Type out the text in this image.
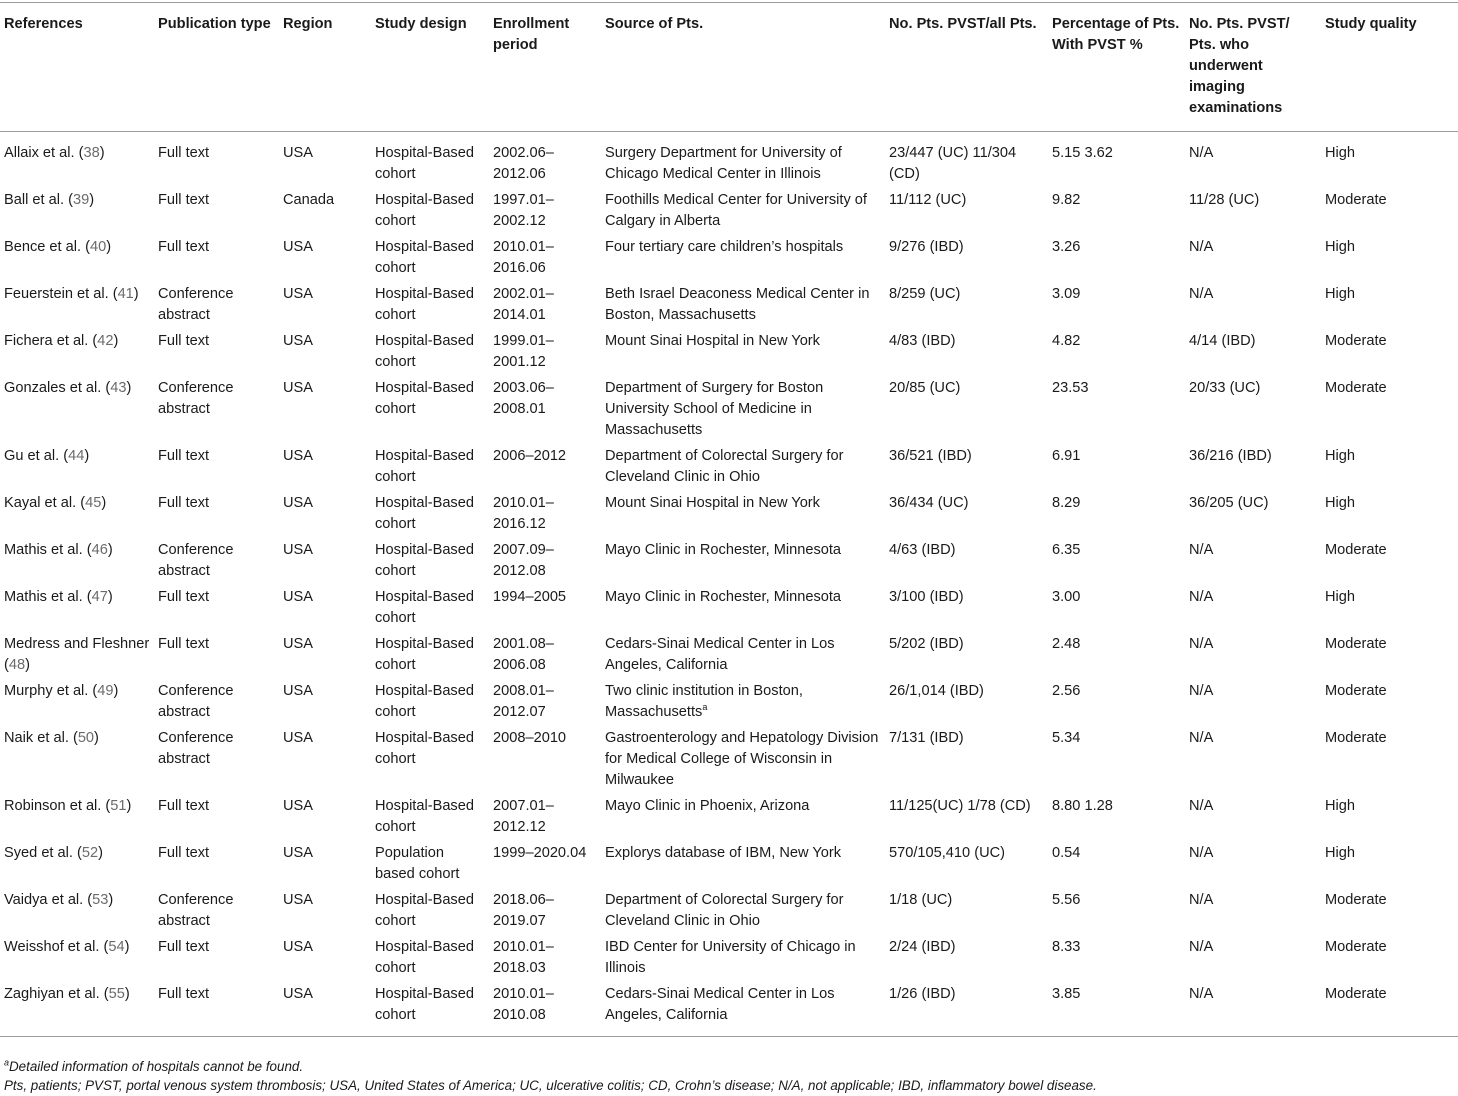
References	Publication type	Region	Study design	Enrollment period	Source of Pts.	No. Pts. PVST/all Pts.	Percentage of Pts. With PVST %	No. Pts. PVST/ Pts. who underwent imaging examinations	Study quality
Allaix et al. (38)	Full text	USA	Hospital-Based cohort	2002.06–2012.06	Surgery Department for University of Chicago Medical Center in Illinois	23/447 (UC) 11/304 (CD)	5.15 3.62	N/A	High
Ball et al. (39)	Full text	Canada	Hospital-Based cohort	1997.01–2002.12	Foothills Medical Center for University of Calgary in Alberta	11/112 (UC)	9.82	11/28 (UC)	Moderate
Bence et al. (40)	Full text	USA	Hospital-Based cohort	2010.01–2016.06	Four tertiary care children’s hospitals	9/276 (IBD)	3.26	N/A	High
Feuerstein et al. (41)	Conference abstract	USA	Hospital-Based cohort	2002.01–2014.01	Beth Israel Deaconess Medical Center in Boston, Massachusetts	8/259 (UC)	3.09	N/A	High
Fichera et al. (42)	Full text	USA	Hospital-Based cohort	1999.01–2001.12	Mount Sinai Hospital in New York	4/83 (IBD)	4.82	4/14 (IBD)	Moderate
Gonzales et al. (43)	Conference abstract	USA	Hospital-Based cohort	2003.06–2008.01	Department of Surgery for Boston University School of Medicine in Massachusetts	20/85 (UC)	23.53	20/33 (UC)	Moderate
Gu et al. (44)	Full text	USA	Hospital-Based cohort	2006–2012	Department of Colorectal Surgery for Cleveland Clinic in Ohio	36/521 (IBD)	6.91	36/216 (IBD)	High
Kayal et al. (45)	Full text	USA	Hospital-Based cohort	2010.01–2016.12	Mount Sinai Hospital in New York	36/434 (UC)	8.29	36/205 (UC)	High
Mathis et al. (46)	Conference abstract	USA	Hospital-Based cohort	2007.09–2012.08	Mayo Clinic in Rochester, Minnesota	4/63 (IBD)	6.35	N/A	Moderate
Mathis et al. (47)	Full text	USA	Hospital-Based cohort	1994–2005	Mayo Clinic in Rochester, Minnesota	3/100 (IBD)	3.00	N/A	High
Medress and Fleshner (48)	Full text	USA	Hospital-Based cohort	2001.08–2006.08	Cedars-Sinai Medical Center in Los Angeles, California	5/202 (IBD)	2.48	N/A	Moderate
Murphy et al. (49)	Conference abstract	USA	Hospital-Based cohort	2008.01–2012.07	Two clinic institution in Boston, Massachusetts$^a$	26/1,014 (IBD)	2.56	N/A	Moderate
Naik et al. (50)	Conference abstract	USA	Hospital-Based cohort	2008–2010	Gastroenterology and Hepatology Division for Medical College of Wisconsin in Milwaukee	7/131 (IBD)	5.34	N/A	Moderate
Robinson et al. (51)	Full text	USA	Hospital-Based cohort	2007.01–2012.12	Mayo Clinic in Phoenix, Arizona	11/125(UC) 1/78 (CD)	8.80 1.28	N/A	High
Syed et al. (52)	Full text	USA	Population based cohort	1999–2020.04	Explorys database of IBM, New York	570/105,410 (UC)	0.54	N/A	High
Vaidya et al. (53)	Conference abstract	USA	Hospital-Based cohort	2018.06–2019.07	Department of Colorectal Surgery for Cleveland Clinic in Ohio	1/18 (UC)	5.56	N/A	Moderate
Weisshof et al. (54)	Full text	USA	Hospital-Based cohort	2010.01–2018.03	IBD Center for University of Chicago in Illinois	2/24 (IBD)	8.33	N/A	Moderate
Zaghiyan et al. (55)	Full text	USA	Hospital-Based cohort	2010.01–2010.08	Cedars-Sinai Medical Center in Los Angeles, California	1/26 (IBD)	3.85	N/A	Moderate
$^a$Detailed information of hospitals cannot be found.
Pts, patients; PVST, portal venous system thrombosis; USA, United States of America; UC, ulcerative colitis; CD, Crohn’s disease; N/A, not applicable; IBD, inflammatory bowel disease.
